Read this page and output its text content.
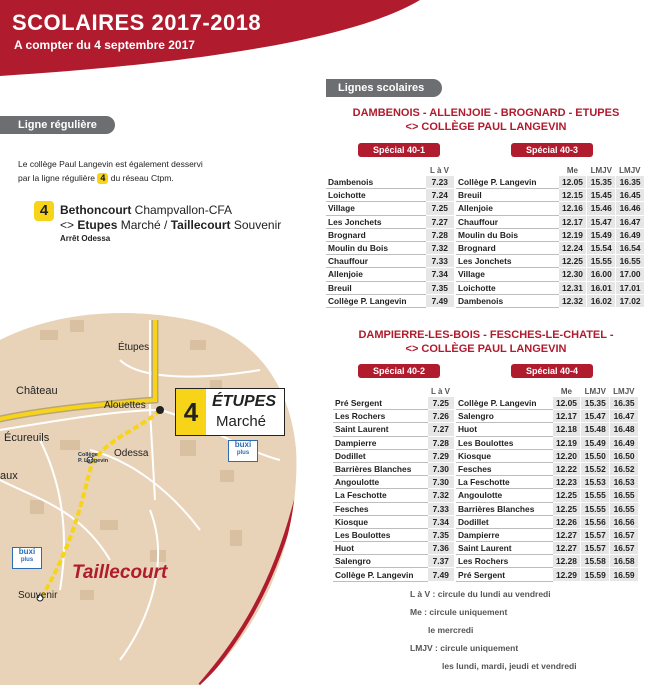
SCOLAIRES 2017-2018
A compter du 4 septembre 2017
Ligne régulière
Le collège Paul Langevin est également desservi
par la ligne régulière 4 du réseau Ctpm.
4 Bethoncourt Champvallon-CFA
<> Etupes Marché / Taillecourt Souvenir
Arrêt Odessa
Étupes
Château
Alouettes
Écureuils
Odessa
aux
Souvenir
Collège
P. Langevin
buxi
plus
buxi
plus
Taillecourt
4 ÉTUPES
Marché
Lignes scolaires
DAMBENOIS - ALLENJOIE - BROGNARD - ETUPES
<> COLLÈGE PAUL LANGEVIN
Spécial 40-1	Spécial 40-3
	L à V
Dambenois	7.23
Loichotte	7.24
Village	7.25
Les Jonchets	7.27
Brognard	7.28
Moulin du Bois	7.32
Chauffour	7.33
Allenjoie	7.34
Breuil	7.35
Collège P. Langevin	7.49
	Me	LMJV	LMJV
Collège P. Langevin	12.05	15.35	16.35
Breuil	12.15	15.45	16.45
Allenjoie	12.16	15.46	16.46
Chauffour	12.17	15.47	16.47
Moulin du Bois	12.19	15.49	16.49
Brognard	12.24	15.54	16.54
Les Jonchets	12.25	15.55	16.55
Village	12.30	16.00	17.00
Loichotte	12.31	16.01	17.01
Dambenois	12.32	16.02	17.02
DAMPIERRE-LES-BOIS - FESCHES-LE-CHATEL -
<> COLLÈGE PAUL LANGEVIN
Spécial 40-2	Spécial 40-4
	L à V
Pré Sergent	7.25
Les Rochers	7.26
Saint Laurent	7.27
Dampierre	7.28
Dodillet	7.29
Barrières Blanches	7.30
Angoulotte	7.30
La Feschotte	7.32
Fesches	7.33
Kiosque	7.34
Les Boulottes	7.35
Huot	7.36
Salengro	7.37
Collège P. Langevin	7.49
	Me	LMJV	LMJV
Collège P. Langevin	12.05	15.35	16.35
Salengro	12.17	15.47	16.47
Huot	12.18	15.48	16.48
Les Boulottes	12.19	15.49	16.49
Kiosque	12.20	15.50	16.50
Fesches	12.22	15.52	16.52
La Feschotte	12.23	15.53	16.53
Angoulotte	12.25	15.55	16.55
Barrières Blanches	12.25	15.55	16.55
Dodillet	12.26	15.56	16.56
Dampierre	12.27	15.57	16.57
Saint Laurent	12.27	15.57	16.57
Les Rochers	12.28	15.58	16.58
Pré Sergent	12.29	15.59	16.59
L à V : circule du lundi au vendredi
Me : circule uniquement
le mercredi
LMJV : circule uniquement
les lundi, mardi, jeudi et vendredi
